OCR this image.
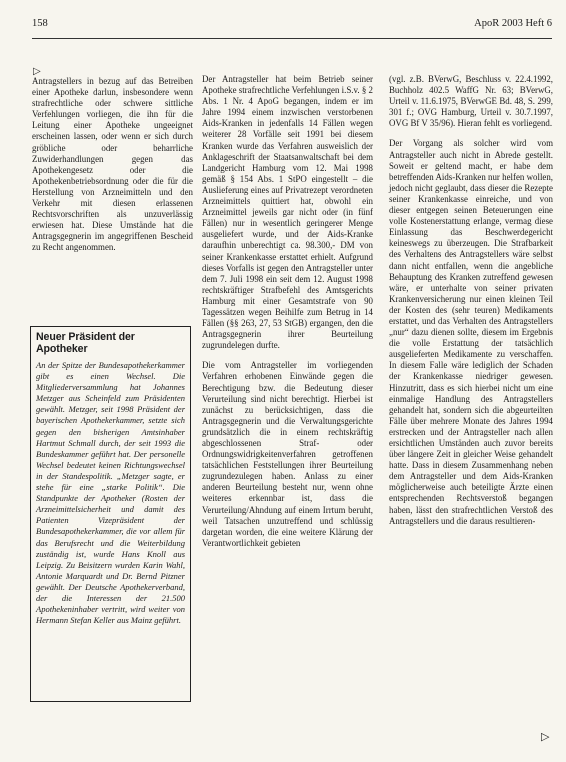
158	ApoR 2003 Heft 6
▷

Antragstellers in bezug auf das Betreiben einer Apotheke darlun, insbesondere wenn strafrechtliche oder schwere sittliche Verfehlungen vorliegen, die ihn für die Leitung einer Apotheke ungeeignet erscheinen lassen, oder wenn er sich durch gröbliche oder beharrliche Zuwiderhandlungen gegen das Apothekengesetz oder die Apothekenbetriebsordnung oder die für die Herstellung von Arzneimitteln und den Verkehr mit diesen erlassenen Rechtsvorschriften als unzuverlässig erwiesen hat. Diese Umstände hat die Antragsgegnerin im angegriffenen Bescheid zu Recht angenommen.

Neuer Präsident der Apotheker
An der Spitze der Bundesapothekerkammer gibt es einen Wechsel. Die Mitgliederversammlung hat Johannes Metzger aus Scheinfeld zum Präsidenten gewählt. Metzger, seit 1998 Präsident der bayerischen Apothekerkammer, setzte sich gegen den bisherigen Amtsinhaber Hartmut Schmall durch, der seit 1993 die Bundeskammer geführt hat. Der personelle Wechsel bedeutet keinen Richtungswechsel in der Standespolitik. „Metzger sagte, er stehe für eine „starke Politik“. Die Standpunkte der Apotheker (Rosten der Arzneimittelsicherheit und damit des Patienten Vizepräsident der Bundesapothekerkammer, die vor allem für das Berufsrecht und die Weiterbildung zuständig ist, wurde Hans Knoll aus Leipzig. Zu Beisitzern wurden Karin Wahl, Antonie Marquardt und Dr. Bernd Pitzner gewählt. Der Deutsche Apothekerverband, der die Interessen der 21.500 Apothekeninhaber vertritt, wird weiter von Hermann Stefan Keller aus Mainz geführt.

Der Antragsteller hat beim Betrieb seiner Apotheke strafrechtliche Verfehlungen i.S.v. § 2 Abs. 1 Nr. 4 ApoG begangen, indem er im Jahre 1994 einem inzwischen verstorbenen Aids-Kranken in jedenfalls 14 Fällen wegen weiterer 28 Vorfälle seit 1991 bei diesem Kranken wurde das Verfahren ausweislich der Anklageschrift der Staatsanwaltschaft bei dem Landgericht Hamburg vom 12. Mai 1998 gemäß § 154 Abs. 1 StPO eingestellt – die Auslieferung eines auf Privatrezept verordneten Arzneimittels quittiert hat, obwohl ein Arzneimittel jeweils gar nicht oder (in fünf Fällen) nur in wesentlich geringerer Menge ausgeliefert wurde, und der Aids-Kranke daraufhin unberechtigt ca. 98.300,- DM von seiner Krankenkasse erstattet erhielt. Aufgrund dieses Vorfalls ist gegen den Antragsteller unter dem 7. Juli 1998 ein seit dem 12. August 1998 rechtskräftiger Strafbefehl des Amtsgerichts Hamburg mit einer Gesamtstrafe von 90 Tagessätzen wegen Beihilfe zum Betrug in 14 Fällen (§§ 263, 27, 53 StGB) ergangen, den die Antragsgegnerin ihrer Beurteilung zugrundelegen durfte.

Die vom Antragsteller im vorliegenden Verfahren erhobenen Einwände gegen die Berechtigung bzw. die Bedeutung dieser Verurteilung sind nicht berechtigt. Hierbei ist zunächst zu berücksichtigen, dass die Antragsgegnerin und die Verwaltungsgerichte grundsätzlich die in einem rechtskräftig abgeschlossenen Straf- oder Ordnungswidrigkeitenverfahren getroffenen tatsächlichen Feststellungen ihrer Beurteilung zugrundezulegen haben. Anlass zu einer anderen Beurteilung besteht nur, wenn ohne weiteres erkennbar ist, dass die Verurteilung/Ahndung auf einem Irrtum beruht, weil Tatsachen unzutreffend und schlüssig dargetan worden, die eine weitere Klärung der Verantwortlichkeit gebieten

(vgl. z.B. BVerwG, Beschluss v. 22.4.1992, Buchholz 402.5 WaffG Nr. 63; BVerwG, Urteil v. 11.6.1975, BVerwGE Bd. 48, S. 299, 301 f.; OVG Hamburg, Urteil v. 30.7.1997, OVG Bf V 35/96). Hieran fehlt es vorliegend.

Der Vorgang als solcher wird vom Antragsteller auch nicht in Abrede gestellt. Soweit er geltend macht, er habe dem betreffenden Aids-Kranken nur helfen wollen, jedoch nicht geglaubt, dass dieser die Rezepte seiner Krankenkasse einreiche, und von dieser entgegen seinen Beteuerungen eine volle Kostenerstattung erlange, vermag diese Einlassung das Beschwerdegericht keineswegs zu überzeugen. Die Strafbarkeit des Verhaltens des Antragstellers wäre selbst dann nicht entfallen, wenn die angebliche Behauptung des Kranken zutreffend gewesen wäre, er unterhalte von seiner privaten Krankenversicherung nur einen kleinen Teil der Kosten des (sehr teuren) Medikaments erstattet, und das Verhalten des Antragstellers „nur“ dazu dienen sollte, diesem im Ergebnis die volle Erstattung der tatsächlich ausgelieferten Medikamente zu verschaffen. In diesem Falle wäre lediglich der Schaden der Krankenkasse niedriger gewesen. Hinzutritt, dass es sich hierbei nicht um eine einmalige Handlung des Antragstellers gehandelt hat, sondern sich die abgeurteilten Fälle über mehrere Monate des Jahres 1994 erstrecken und der Antragsteller nach allen ersichtlichen Umständen auch zuvor bereits über längere Zeit in gleicher Weise gehandelt hatte. Dass in diesem Zusammenhang neben dem Antragsteller und dem Aids-Kranken möglicherweise auch beteiligte Ärzte einen entsprechenden Rechtsverstoß begangen haben, lässt den strafrechtlichen Verstoß des Antragstellers und die daraus resultieren-

▷
